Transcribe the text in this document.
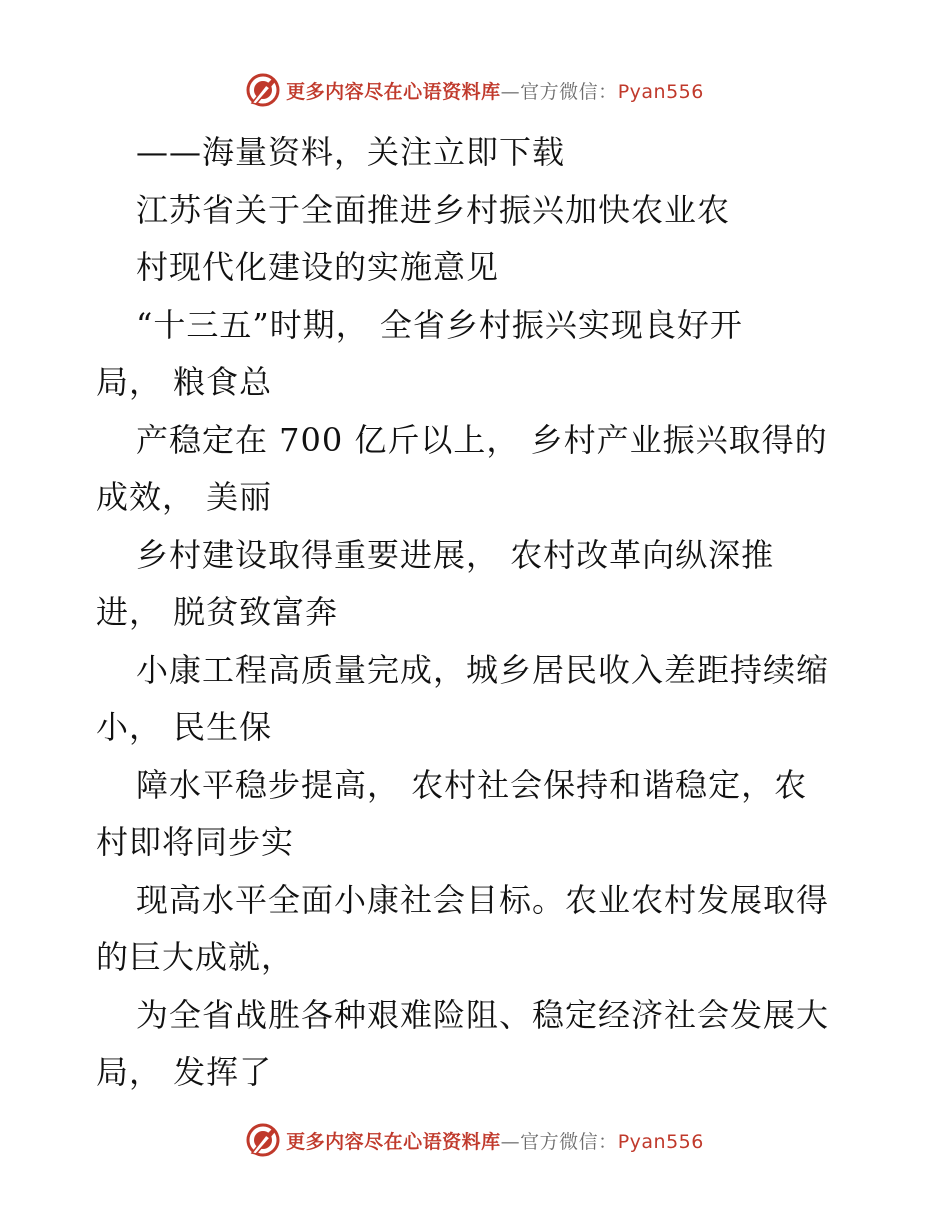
更多内容尽在心语资料库—官方微信：Pyan556
——海量资料，关注立即下载
江苏省关于全面推进乡村振兴加快农业农
村现代化建设的实施意见
“十三五”时期， 全省乡村振兴实现良好开
局， 粮食总
产稳定在 700 亿斤以上， 乡村产业振兴取得的
成效， 美丽
乡村建设取得重要进展， 农村改革向纵深推
进， 脱贫致富奔
小康工程高质量完成，城乡居民收入差距持续缩
小， 民生保
障水平稳步提高， 农村社会保持和谐稳定，农
村即将同步实
现高水平全面小康社会目标。农业农村发展取得
的巨大成就，
为全省战胜各种艰难险阻、稳定经济社会发展大
局， 发挥了
更多内容尽在心语资料库—官方微信：Pyan556
